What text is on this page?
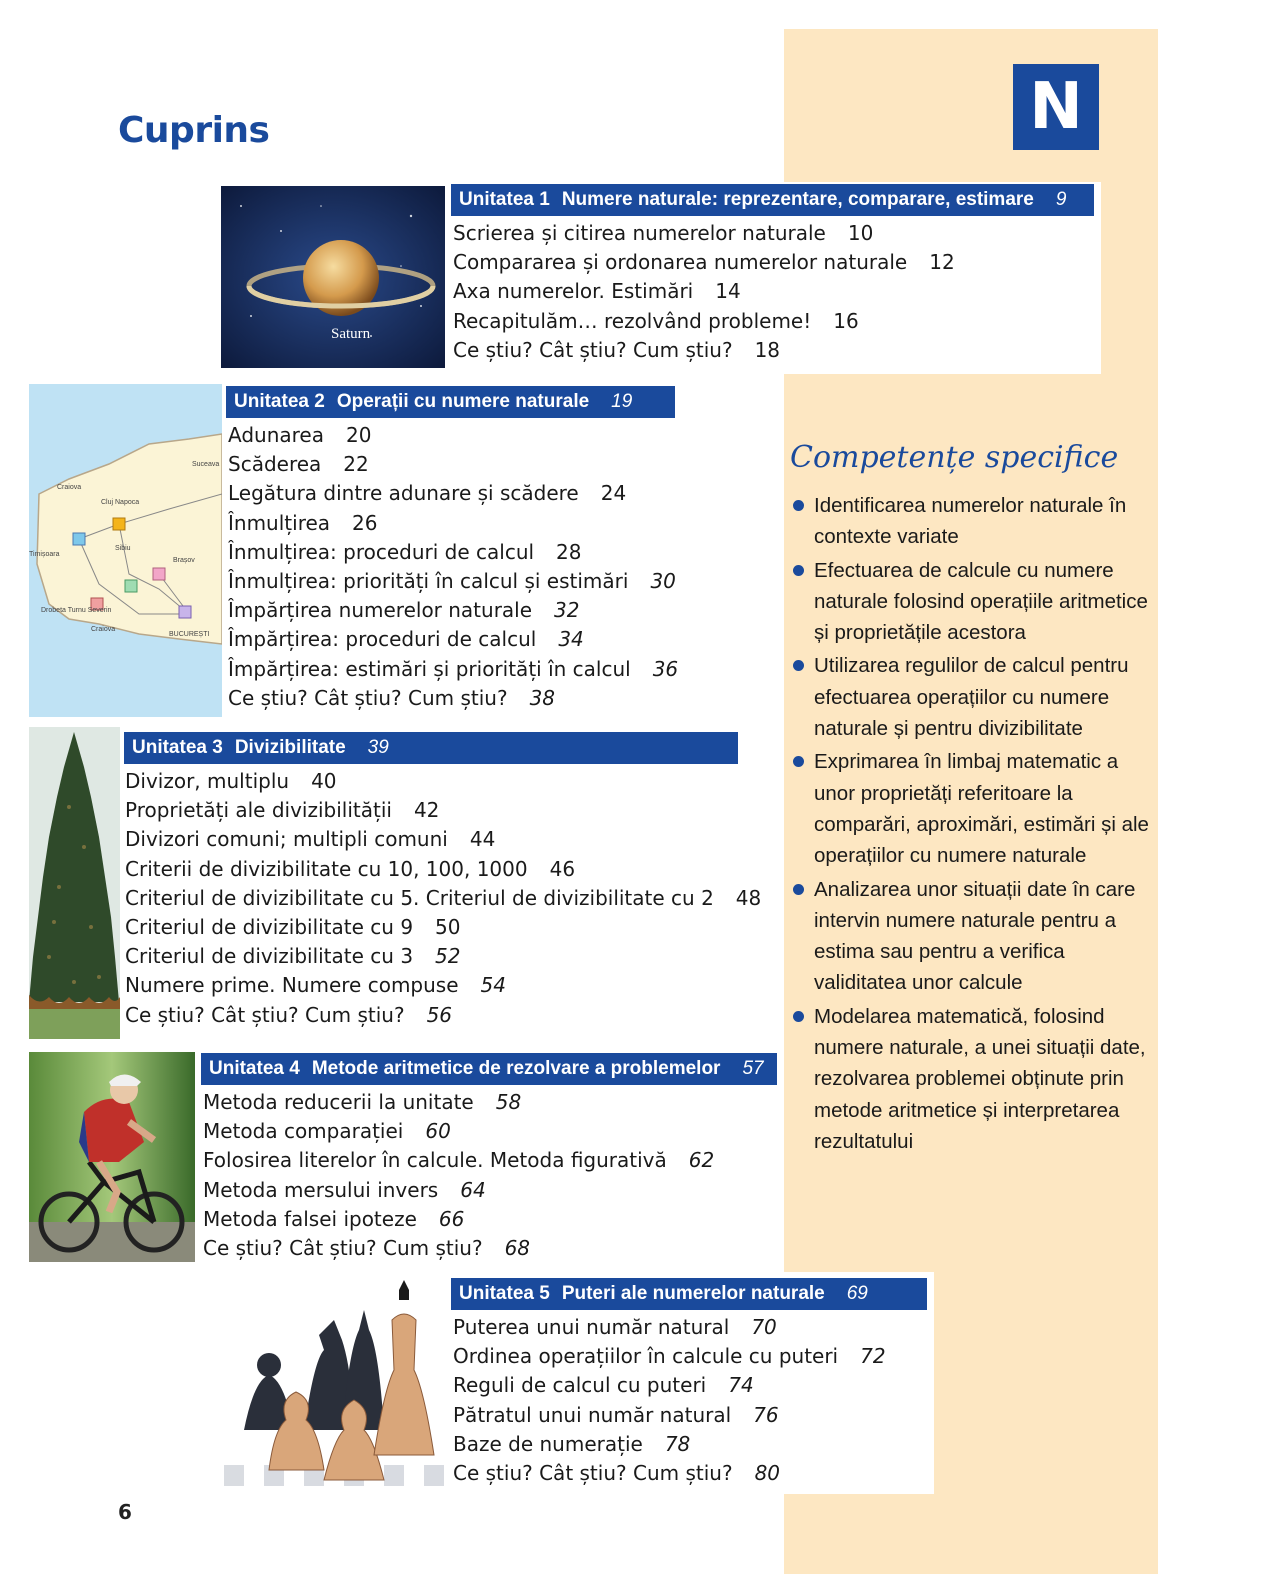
N
Cuprins
Saturn
Unitatea 1 Numere naturale: reprezentare, comparare, estimare 9
Scrierea și citirea numerelor naturale 10
Compararea și ordonarea numerelor naturale 12
Axa numerelor. Estimări 14
Recapitulăm… rezolvând probleme! 16
Ce știu? Cât știu? Cum știu? 18
Craiova
Cluj Napoca
Suceava
Timișoara
Sibiu
Brașov
Drobeta Turnu Severin
Craiova
BUCUREȘTI
Unitatea 2 Operații cu numere naturale 19
Adunarea 20
Scăderea 22
Legătura dintre adunare și scădere 24
Înmulțirea 26
Înmulțirea: proceduri de calcul 28
Înmulțirea: priorități în calcul și estimări 30
Împărțirea numerelor naturale 32
Împărțirea: proceduri de calcul 34
Împărțirea: estimări și priorități în calcul 36
Ce știu? Cât știu? Cum știu? 38
Unitatea 3 Divizibilitate 39
Divizor, multiplu 40
Proprietăți ale divizibilității 42
Divizori comuni; multipli comuni 44
Criterii de divizibilitate cu 10, 100, 1000 46
Criteriul de divizibilitate cu 5. Criteriul de divizibilitate cu 2 48
Criteriul de divizibilitate cu 9 50
Criteriul de divizibilitate cu 3 52
Numere prime. Numere compuse 54
Ce știu? Cât știu? Cum știu? 56
Unitatea 4 Metode aritmetice de rezolvare a problemelor 57
Metoda reducerii la unitate 58
Metoda comparației 60
Folosirea literelor în calcule. Metoda figurativă 62
Metoda mersului invers 64
Metoda falsei ipoteze 66
Ce știu? Cât știu? Cum știu? 68
Unitatea 5 Puteri ale numerelor naturale 69
Puterea unui număr natural 70
Ordinea operațiilor în calcule cu puteri 72
Reguli de calcul cu puteri 74
Pătratul unui număr natural 76
Baze de numerație 78
Ce știu? Cât știu? Cum știu? 80
Competențe specifice
Identificarea numerelor naturale în contexte variate
Efectuarea de calcule cu numere naturale folosind operațiile aritmetice și proprietățile acestora
Utilizarea regulilor de calcul pentru efectuarea operațiilor cu numere naturale și pentru divizibilitate
Exprimarea în limbaj matematic a unor proprietăți referitoare la comparări, aproximări, estimări și ale operațiilor cu numere naturale
Analizarea unor situații date în care intervin numere naturale pentru a estima sau pentru a verifica validitatea unor calcule
Modelarea matematică, folosind numere naturale, a unei situații date, rezolvarea problemei obținute prin metode aritmetice și interpretarea rezultatului
6
